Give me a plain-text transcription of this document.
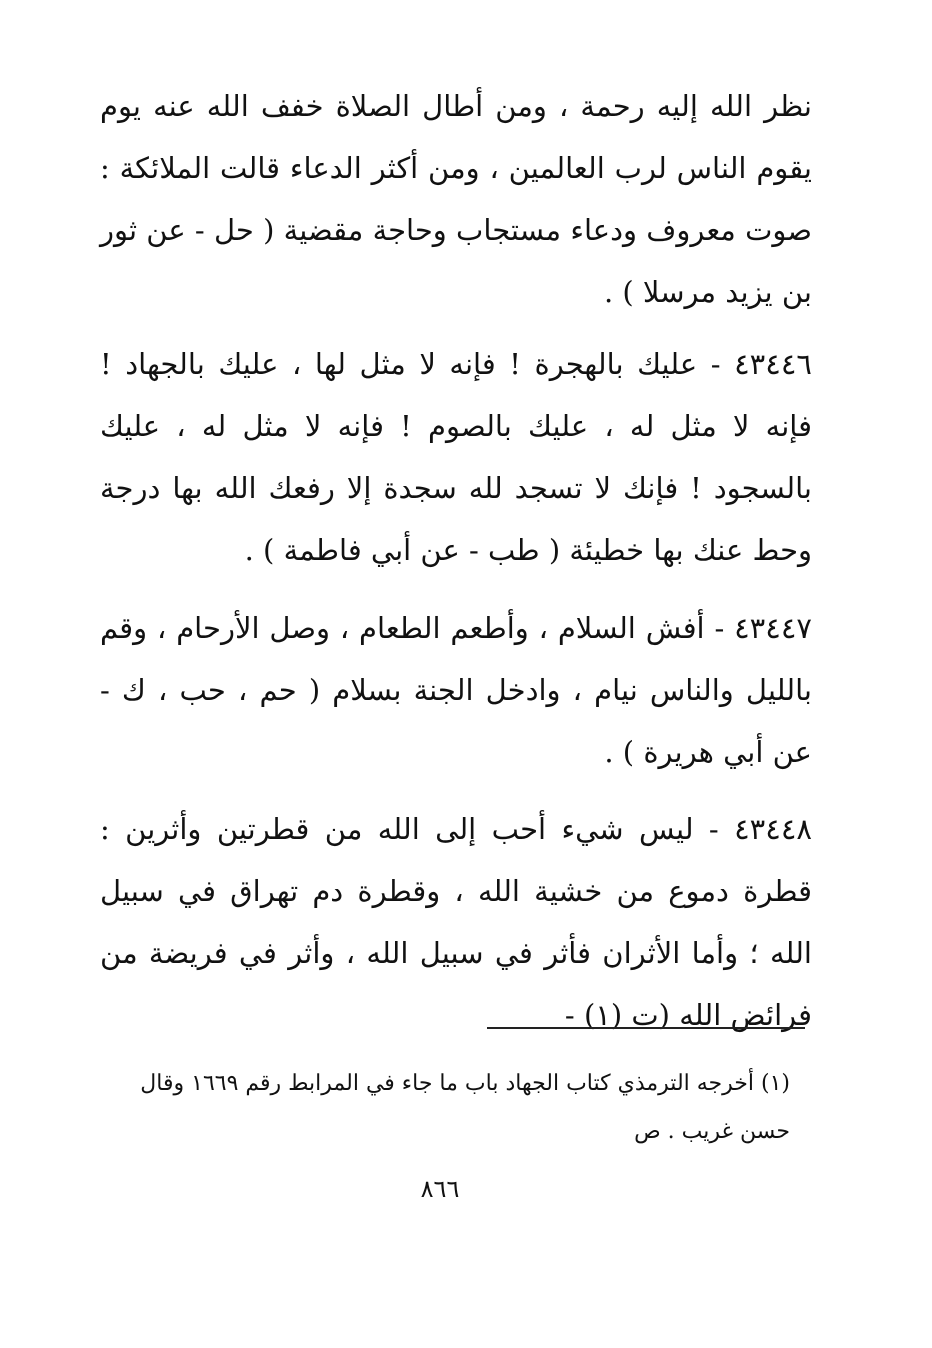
نظر الله إليه رحمة ، ومن أطال الصلاة خفف الله عنه يوم يقوم الناس لرب العالمين ، ومن أكثر الدعاء قالت الملائكة : صوت معروف ودعاء مستجاب وحاجة مقضية ( حل - عن ثور بن يزيد مرسلا ) .
٤٣٤٤٦ - عليك بالهجرة ! فإنه لا مثل لها ، عليك بالجهاد ! فإنه لا مثل له ، عليك بالصوم ! فإنه لا مثل له ، عليك بالسجود ! فإنك لا تسجد لله سجدة إلا رفعك الله بها درجة وحط عنك بها خطيئة ( طب - عن أبي فاطمة ) .
٤٣٤٤٧ - أفش السلام ، وأطعم الطعام ، وصل الأرحام ، وقم بالليل والناس نيام ، وادخل الجنة بسلام ( حم ، حب ، ك - عن أبي هريرة ) .
٤٣٤٤٨ - ليس شيء أحب إلى الله من قطرتين وأثرين : قطرة دموع من خشية الله ، وقطرة دم تهراق في سبيل الله ؛ وأما الأثران فأثر في سبيل الله ، وأثر في فريضة من فرائض الله (ت (١) -
(١) أخرجه الترمذي كتاب الجهاد باب ما جاء في المرابط رقم ١٦٦٩ وقال حسن غريب . ص
٨٦٦
